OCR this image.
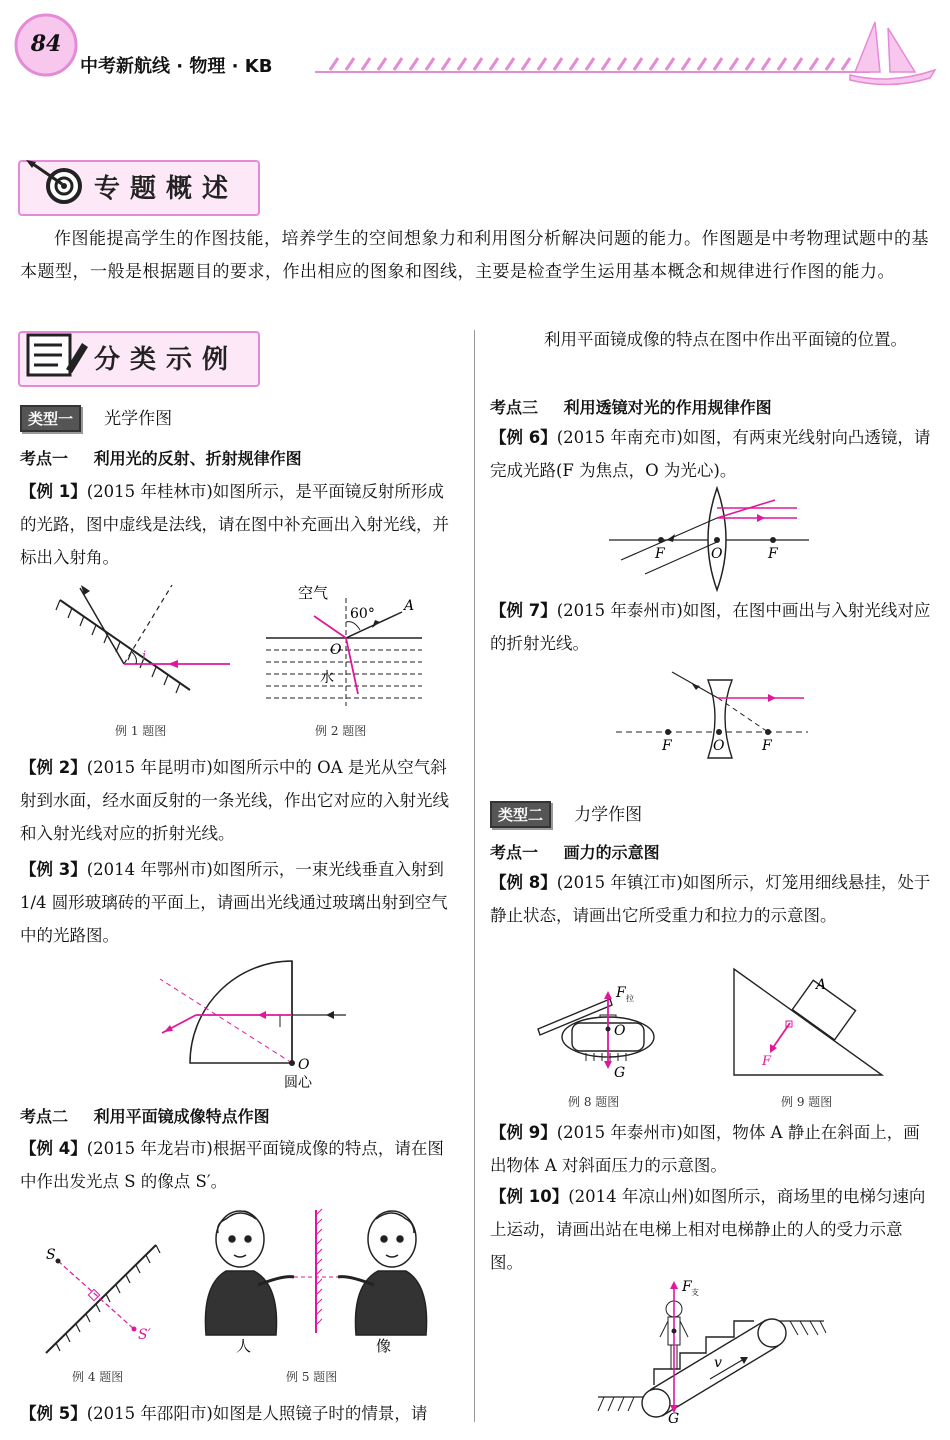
84
中考新航线 · 物理 · KB
专题概述
作图能提高学生的作图技能，培养学生的空间想象力和利用图分析解决问题的能力。作图题是中考物理试题中的基本题型，一般是根据题目的要求，作出相应的图象和图线，主要是检查学生运用基本概念和规律进行作图的能力。
分类示例
类型一 光学作图
考点一 利用光的反射、折射规律作图
【例 1】(2015 年桂林市)如图所示，是平面镜反射所形成的光路，图中虚线是法线，请在图中补充画出入射光线，并标出入射角。
i
例 1 题图
空气
60° A
O
水
例 2 题图
【例 2】(2015 年昆明市)如图所示中的 OA 是光从空气斜射到水面，经水面反射的一条光线，作出它对应的入射光线和入射光线对应的折射光线。
【例 3】(2014 年鄂州市)如图所示，一束光线垂直入射到 1/4 圆形玻璃砖的平面上，请画出光线通过玻璃出射到空气中的光路图。
O
圆心
考点二 利用平面镜成像特点作图
【例 4】(2015 年龙岩市)根据平面镜成像的特点，请在图中作出发光点 S 的像点 S′。
S
S′
例 4 题图
人	像
例 5 题图
【例 5】(2015 年邵阳市)如图是人照镜子时的情景，请
利用平面镜成像的特点在图中作出平面镜的位置。
考点三 利用透镜对光的作用规律作图
【例 6】(2015 年南充市)如图，有两束光线射向凸透镜，请完成光路(F 为焦点，O 为光心)。
F	O	F
【例 7】(2015 年泰州市)如图，在图中画出与入射光线对应的折射光线。
F	O	F
类型二 力学作图
考点一 画力的示意图
【例 8】(2015 年镇江市)如图所示，灯笼用细线悬挂，处于静止状态，请画出它所受重力和拉力的示意图。
F 拉
O
G
例 8 题图
A
F
例 9 题图
【例 9】(2015 年泰州市)如图，物体 A 静止在斜面上，画出物体 A 对斜面压力的示意图。
【例 10】(2014 年凉山州)如图所示，商场里的电梯匀速向上运动，请画出站在电梯上相对电梯静止的人的受力示意图。
F 支
v
G
